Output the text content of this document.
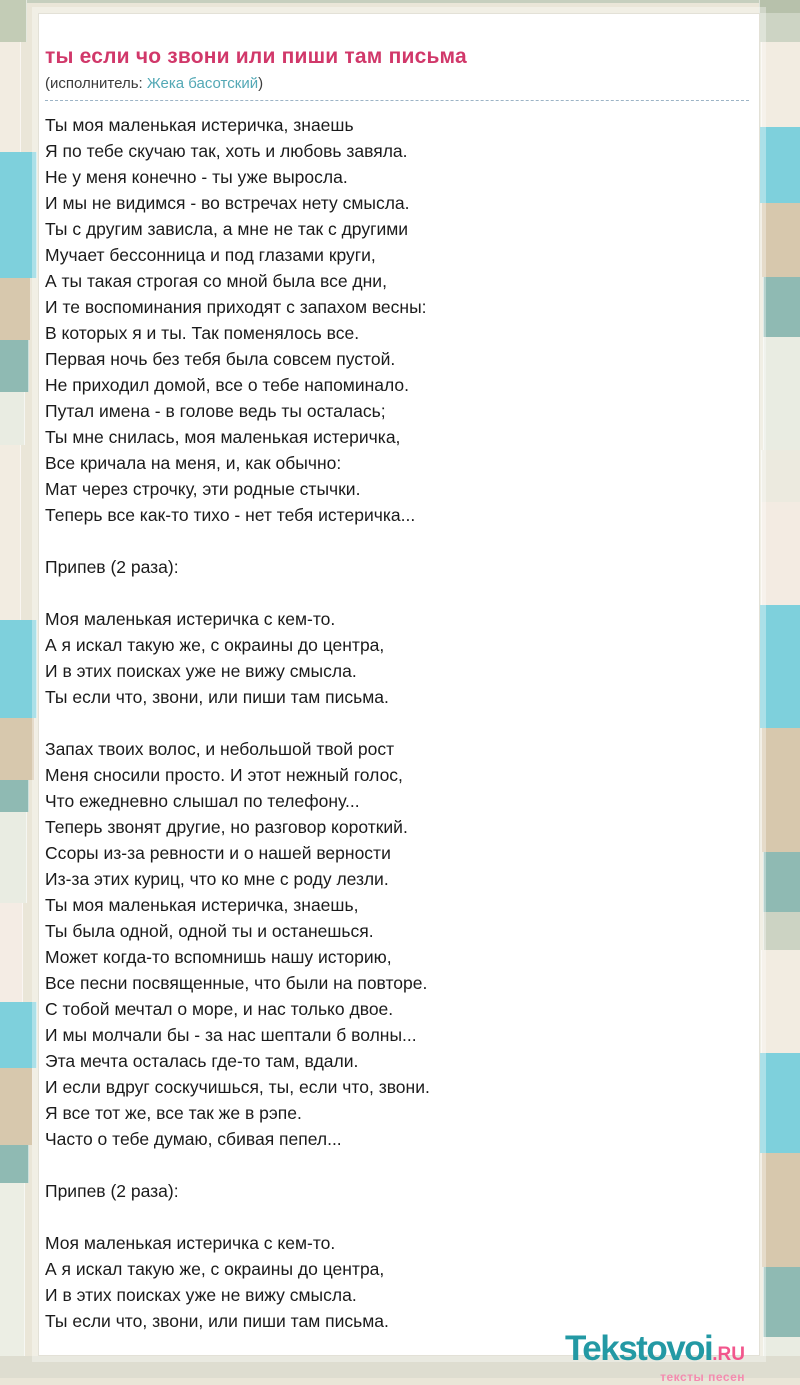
ты если чо звони или пиши там письма

(исполнитель: Жека басотский)

Ты моя маленькая истеричка, знаешь
Я по тебе скучаю так, хоть и любовь завяла.
Не у меня конечно - ты уже выросла.
И мы не видимся - во встречах нету смысла.
Ты с другим зависла, а мне не так с другими
Мучает бессонница и под глазами круги,
А ты такая строгая со мной была все дни,
И те воспоминания приходят с запахом весны:
В которых я и ты. Так поменялось все.
Первая ночь без тебя была совсем пустой.
Не приходил домой, все о тебе напоминало.
Путал имена - в голове ведь ты осталась;
Ты мне снилась, моя маленькая истеричка,
Все кричала на меня, и, как обычно:
Мат через строчку, эти родные стычки.
Теперь все как-то тихо - нет тебя истеричка...

Припев (2 раза):

Моя маленькая истеричка с кем-то.
А я искал такую же, с окраины до центра,
И в этих поисках уже не вижу смысла.
Ты если что, звони, или пиши там письма.

Запах твоих волос, и небольшой твой рост
Меня сносили просто. И этот нежный голос,
Что ежедневно слышал по телефону...
Теперь звонят другие, но разговор короткий.
Ссоры из-за ревности и о нашей верности
Из-за этих куриц, что ко мне с роду лезли.
Ты моя маленькая истеричка, знаешь,
Ты была одной, одной ты и останешься.
Может когда-то вспомнишь нашу историю,
Все песни посвященные, что были на повторе.
С тобой мечтал о море, и нас только двое.
И мы молчали бы - за нас шептали б волны...
Эта мечта осталась где-то там, вдали.
И если вдруг соскучишься, ты, если что, звони.
Я все тот же, все так же в рэпе.
Часто о тебе думаю, сбивая пепел...

Припев (2 раза):

Моя маленькая истеричка с кем-то.
А я искал такую же, с окраины до центра,
И в этих поисках уже не вижу смысла.
Ты если что, звони, или пиши там письма.
Tekstovoi.RU
тексты песен
